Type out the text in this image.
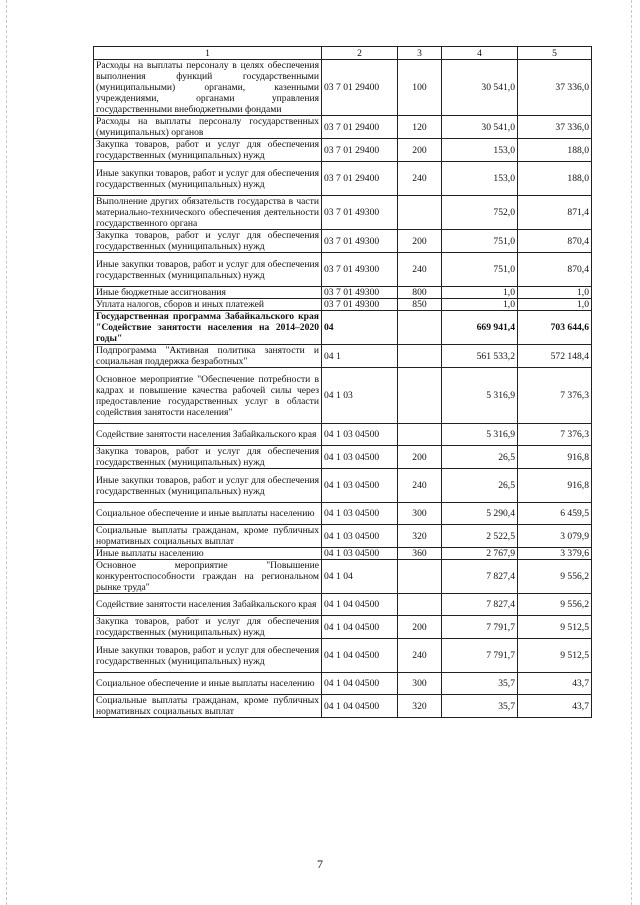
1	2	3	4	5
Расходы на выплаты персоналу в целях обеспечения выполнения функций государственными (муниципальными) органами, казенными учреждениями, органами управления государственными внебюджетными фондами	03 7 01 29400	100	30 541,0	37 336,0
Расходы на выплаты персоналу государственных (муниципальных) органов	03 7 01 29400	120	30 541,0	37 336,0
Закупка товаров, работ и услуг для обеспечения государственных (муниципальных) нужд	03 7 01 29400	200	153,0	188,0
Иные закупки товаров, работ и услуг для обеспечения государственных (муниципальных) нужд	03 7 01 29400	240	153,0	188,0
Выполнение других обязательств государства в части материально-технического обеспечения деятельности государственного органа	03 7 01 49300		752,0	871,4
Закупка товаров, работ и услуг для обеспечения государственных (муниципальных) нужд	03 7 01 49300	200	751,0	870,4
Иные закупки товаров, работ и услуг для обеспечения государственных (муниципальных) нужд	03 7 01 49300	240	751,0	870,4
Иные бюджетные ассигнования	03 7 01 49300	800	1,0	1,0
Уплата налогов, сборов и иных платежей	03 7 01 49300	850	1,0	1,0
Государственная программа Забайкальского края "Содействие занятости населения на 2014–2020 годы"	04		669 941,4	703 644,6
Подпрограмма "Активная политика занятости и социальная поддержка безработных"	04 1		561 533,2	572 148,4
Основное мероприятие "Обеспечение потребности в кадрах и повышение качества рабочей силы через предоставление государственных услуг в области содействия занятости населения"	04 1 03		5 316,9	7 376,3
Содействие занятости населения Забайкальского края	04 1 03 04500		5 316,9	7 376,3
Закупка товаров, работ и услуг для обеспечения государственных (муниципальных) нужд	04 1 03 04500	200	26,5	916,8
Иные закупки товаров, работ и услуг для обеспечения государственных (муниципальных) нужд	04 1 03 04500	240	26,5	916,8
Социальное обеспечение и иные выплаты населению	04 1 03 04500	300	5 290,4	6 459,5
Социальные выплаты гражданам, кроме публичных нормативных социальных выплат	04 1 03 04500	320	2 522,5	3 079,9
Иные выплаты населению	04 1 03 04500	360	2 767,9	3 379,6
Основное мероприятие "Повышение конкурентоспособности граждан на региональном рынке труда"	04 1 04		7 827,4	9 556,2
Содействие занятости населения Забайкальского края	04 1 04 04500		7 827,4	9 556,2
Закупка товаров, работ и услуг для обеспечения государственных (муниципальных) нужд	04 1 04 04500	200	7 791,7	9 512,5
Иные закупки товаров, работ и услуг для обеспечения государственных (муниципальных) нужд	04 1 04 04500	240	7 791,7	9 512,5
Социальное обеспечение и иные выплаты населению	04 1 04 04500	300	35,7	43,7
Социальные выплаты гражданам, кроме публичных нормативных социальных выплат	04 1 04 04500	320	35,7	43,7
7
